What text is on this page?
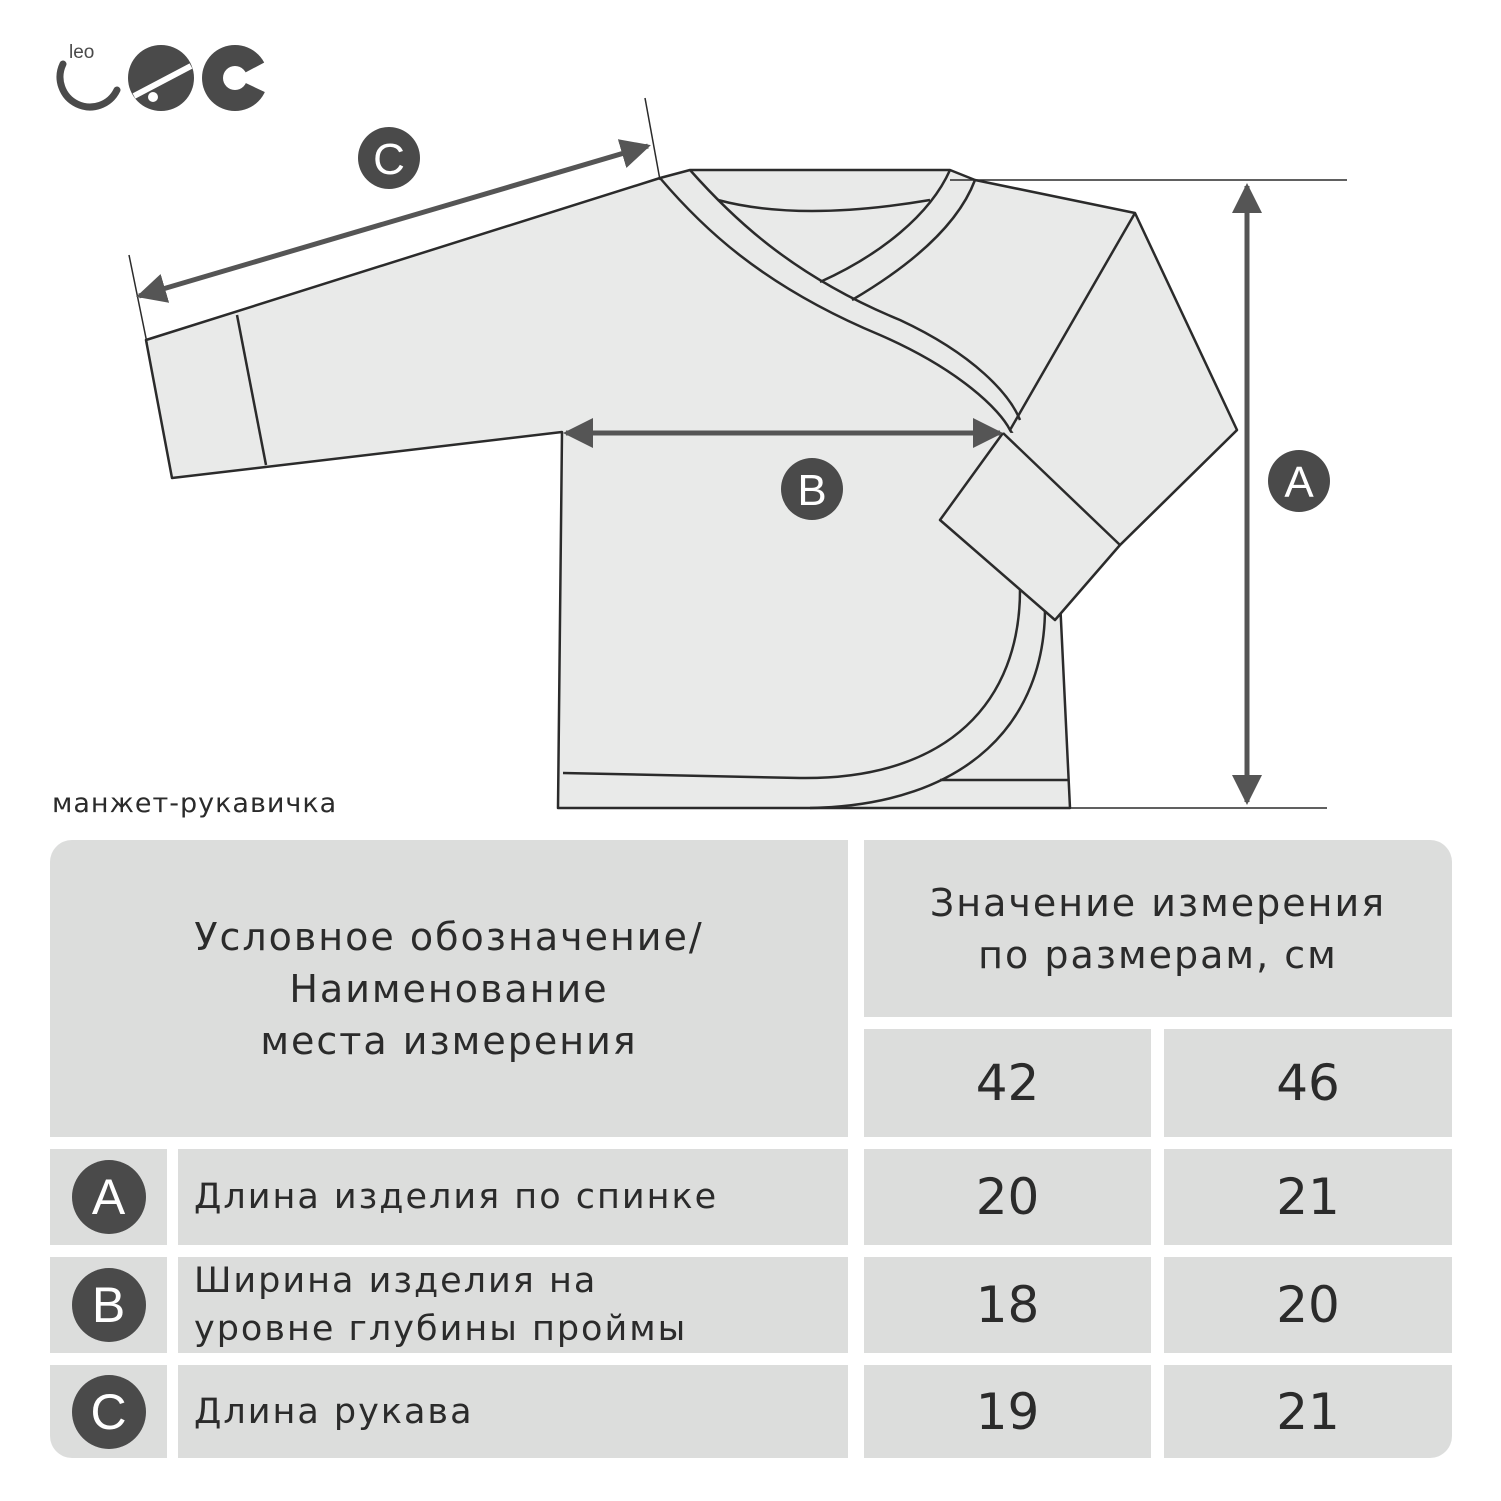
leo
A
B
C
манжет-рукавичка
Условное обозначение/
Наименование
места измерения
Значение измерения
по размерам, см
42	46
A Длина изделия по спинке	20	21
B Ширина изделия на
уровне глубины проймы	18	20
C Длина рукава	19	21
